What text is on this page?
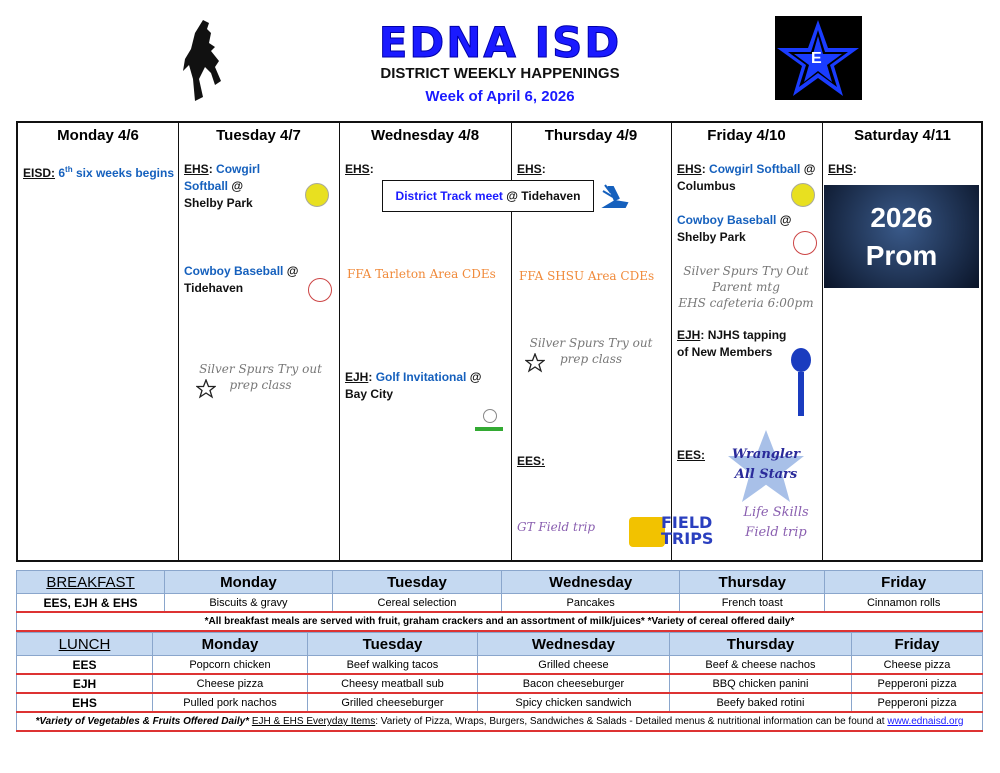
EDNA ISD
DISTRICT WEEKLY HAPPENINGS
Week of April 6, 2026
E
Monday 4/6
EISD: 6th six weeks begins
Tuesday 4/7
EHS: Cowgirl Softball @
Shelby Park
Cowboy Baseball @
Tidehaven
Silver Spurs Try out prep class
Wednesday 4/8
EHS:
District Track meet @ Tidehaven
FFA Tarleton Area CDEs
EJH: Golf Invitational @
Bay City
Thursday 4/9
EHS:
FFA SHSU Area CDEs
Silver Spurs Try out prep class
EES:
GT Field trip	FIELD TRIPS
Friday 4/10
EHS: Cowgirl Softball @
Columbus
Cowboy Baseball @
Shelby Park
Silver Spurs Try Out
Parent mtg
EHS cafeteria 6:00pm
EJH: NJHS tapping of New Members
EES:	Wrangler
All Stars
Life Skills
Field trip
Saturday 4/11
EHS:
2026
Prom
BREAKFAST	Monday	Tuesday	Wednesday	Thursday	Friday
EES, EJH & EHS	Biscuits & gravy	Cereal selection	Pancakes	French toast	Cinnamon rolls
*All breakfast meals are served with fruit, graham crackers and an assortment of milk/juices* *Variety of cereal offered daily*					
LUNCH	Monday	Tuesday	Wednesday	Thursday	Friday
EES	Popcorn chicken	Beef walking tacos	Grilled cheese	Beef & cheese nachos	Cheese pizza
EJH	Cheese pizza	Cheesy meatball sub	Bacon cheeseburger	BBQ chicken panini	Pepperoni pizza
EHS	Pulled pork nachos	Grilled cheeseburger	Spicy chicken sandwich	Beefy baked rotini	Pepperoni pizza
*Variety of Vegetables & Fruits Offered Daily* EJH & EHS Everyday Items: Variety of Pizza, Wraps, Burgers, Sandwiches & Salads - Detailed menus & nutritional information can be found at www.ednaisd.org					
